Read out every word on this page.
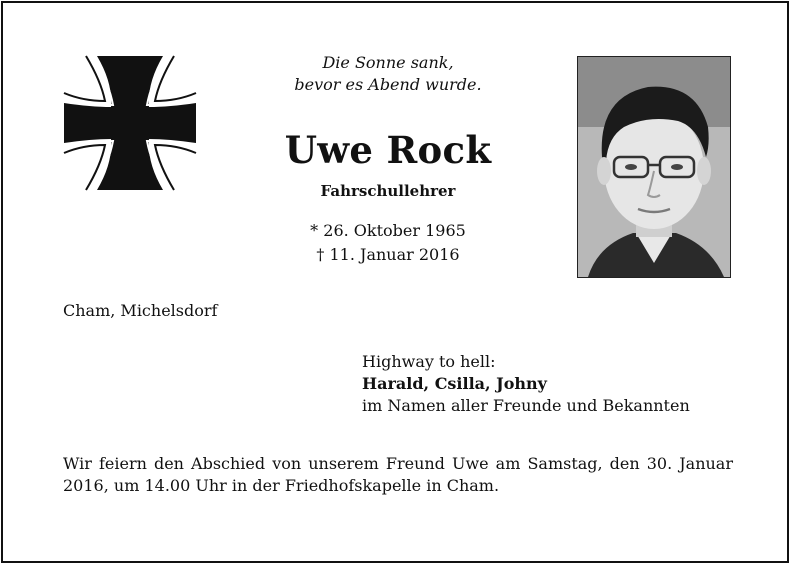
Die Sonne sank,
bevor es Abend wurde.
Uwe Rock
Fahrschullehrer
* 26. Oktober 1965
† 11. Januar 2016
Cham, Michelsdorf
Highway to hell:
Harald, Csilla, Johny
im Namen aller Freunde und Bekannten
Wir feiern den Abschied von unserem Freund Uwe am Samstag, den 30. Januar 2016, um 14.00 Uhr in der Friedhofskapelle in Cham.
